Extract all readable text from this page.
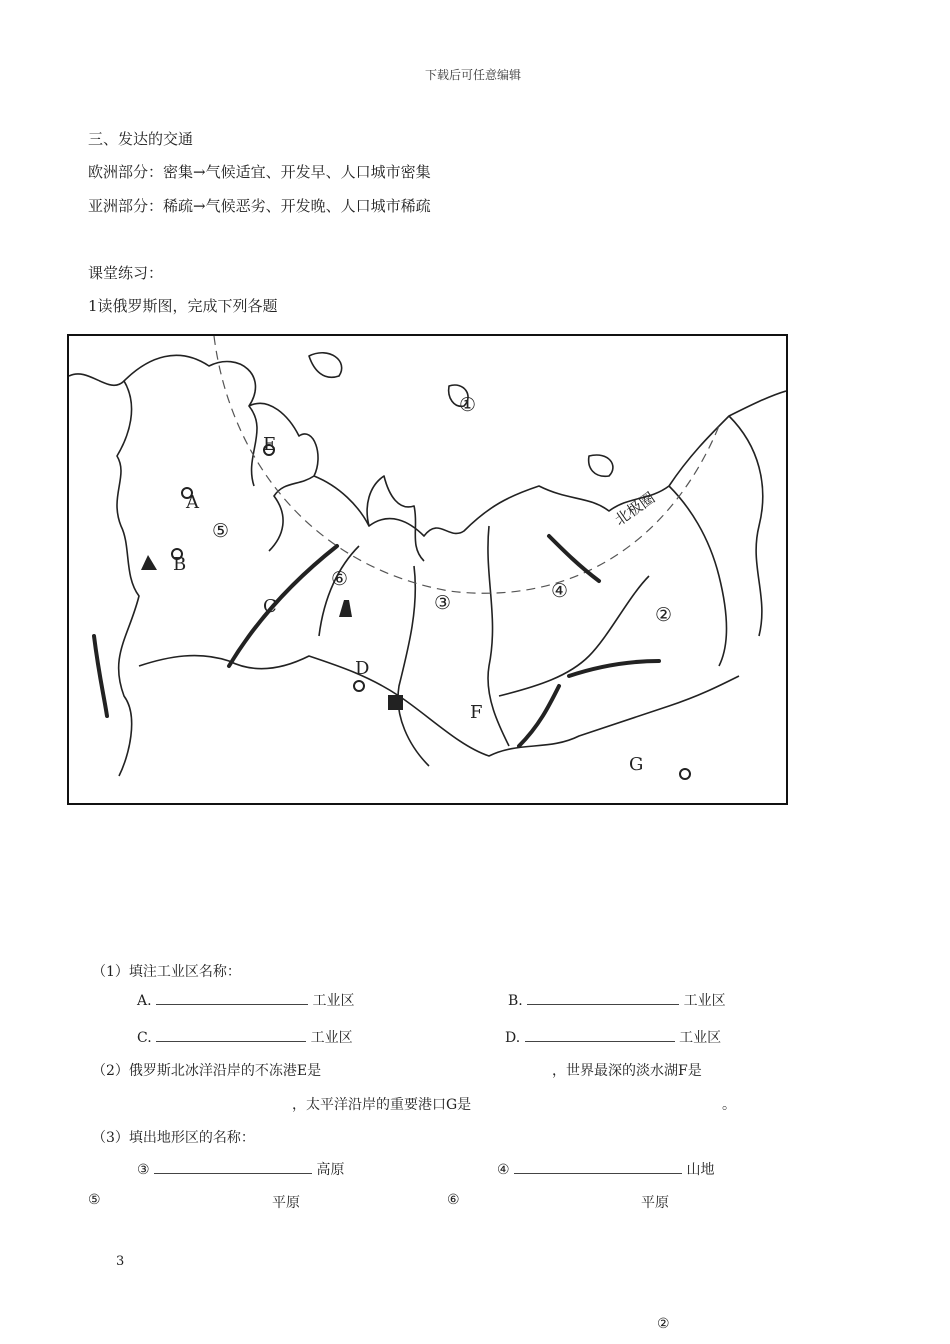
下载后可任意编辑
三、发达的交通
欧洲部分：密集→气候适宜、开发早、人口城市密集
亚洲部分：稀疏→气候恶劣、开发晚、人口城市稀疏
课堂练习：
1读俄罗斯图，完成下列各题
北极圈
①
②
③
④
⑤
⑥
A
B
C
D
E
F
G
（1）填注工业区名称：
A.	工业区	B.	工业区
C.	工业区	D.	工业区
（2）俄罗斯北冰洋沿岸的不冻港E是	，世界最深的淡水湖F是
，太平洋沿岸的重要港口G是	。
（3）填出地形区的名称：
③	高原	④	山地
⑤	平原	⑥	平原
3
②
